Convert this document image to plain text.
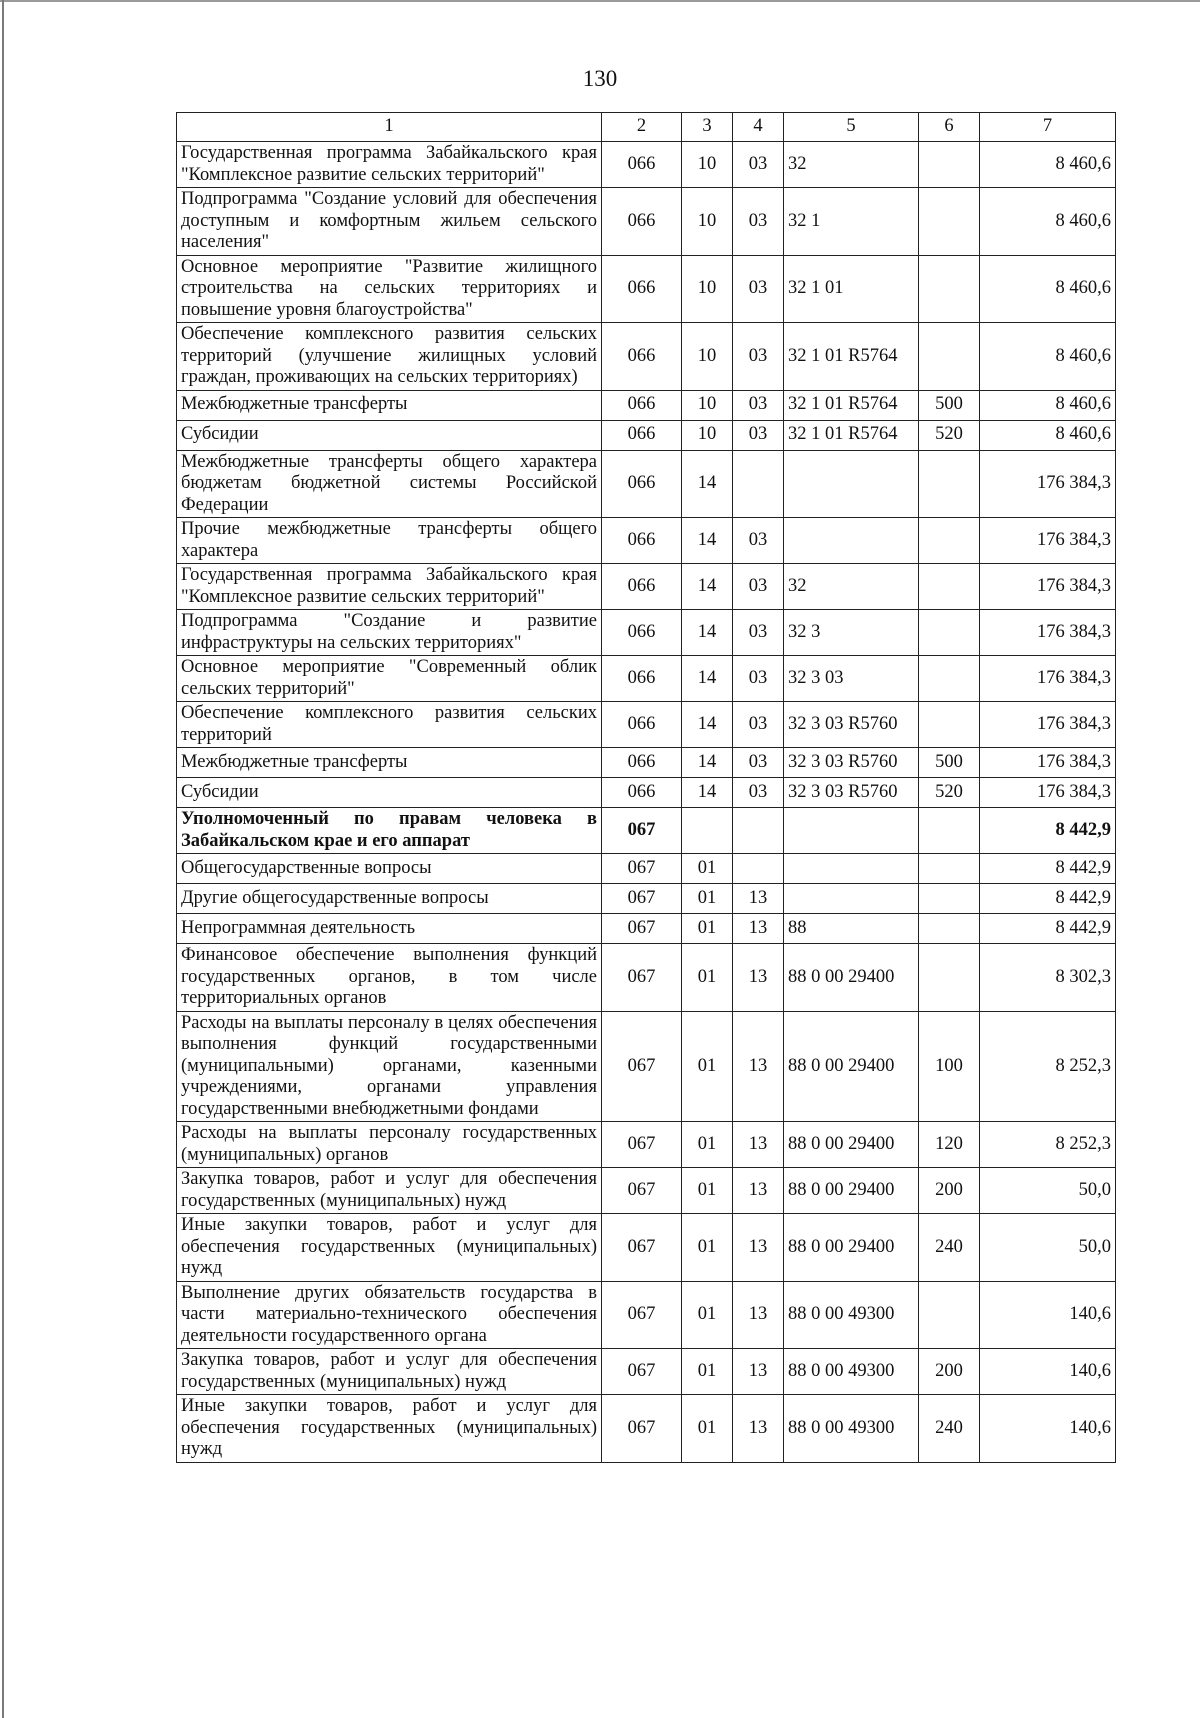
130
1	2	3	4	5	6	7
Государственная программа Забайкальского края "Комплексное развитие сельских территорий"	066	10	03	32		8 460,6
Подпрограмма "Создание условий для обеспечения доступным и комфортным жильем сельского населения"	066	10	03	32 1		8 460,6
Основное мероприятие "Развитие жилищного строительства на сельских территориях и повышение уровня благоустройства"	066	10	03	32 1 01		8 460,6
Обеспечение комплексного развития сельских территорий (улучшение жилищных условий граждан, проживающих на сельских территориях)	066	10	03	32 1 01 R5764		8 460,6
Межбюджетные трансферты	066	10	03	32 1 01 R5764	500	8 460,6
Субсидии	066	10	03	32 1 01 R5764	520	8 460,6
Межбюджетные трансферты общего характера бюджетам бюджетной системы Российской Федерации	066	14				176 384,3
Прочие межбюджетные трансферты общего характера	066	14	03			176 384,3
Государственная программа Забайкальского края "Комплексное развитие сельских территорий"	066	14	03	32		176 384,3
Подпрограмма "Создание и развитие инфраструктуры на сельских территориях"	066	14	03	32 3		176 384,3
Основное мероприятие "Современный облик сельских территорий"	066	14	03	32 3 03		176 384,3
Обеспечение комплексного развития сельских территорий	066	14	03	32 3 03 R5760		176 384,3
Межбюджетные трансферты	066	14	03	32 3 03 R5760	500	176 384,3
Субсидии	066	14	03	32 3 03 R5760	520	176 384,3
Уполномоченный по правам человека в Забайкальском крае и его аппарат	067					8 442,9
Общегосударственные вопросы	067	01				8 442,9
Другие общегосударственные вопросы	067	01	13			8 442,9
Непрограммная деятельность	067	01	13	88		8 442,9
Финансовое обеспечение выполнения функций государственных органов, в том числе территориальных органов	067	01	13	88 0 00 29400		8 302,3
Расходы на выплаты персоналу в целях обеспечения выполнения функций государственными (муниципальными) органами, казенными учреждениями, органами управления государственными внебюджетными фондами	067	01	13	88 0 00 29400	100	8 252,3
Расходы на выплаты персоналу государственных (муниципальных) органов	067	01	13	88 0 00 29400	120	8 252,3
Закупка товаров, работ и услуг для обеспечения государственных (муниципальных) нужд	067	01	13	88 0 00 29400	200	50,0
Иные закупки товаров, работ и услуг для обеспечения государственных (муниципальных) нужд	067	01	13	88 0 00 29400	240	50,0
Выполнение других обязательств государства в части материально-технического обеспечения деятельности государственного органа	067	01	13	88 0 00 49300		140,6
Закупка товаров, работ и услуг для обеспечения государственных (муниципальных) нужд	067	01	13	88 0 00 49300	200	140,6
Иные закупки товаров, работ и услуг для обеспечения государственных (муниципальных) нужд	067	01	13	88 0 00 49300	240	140,6
